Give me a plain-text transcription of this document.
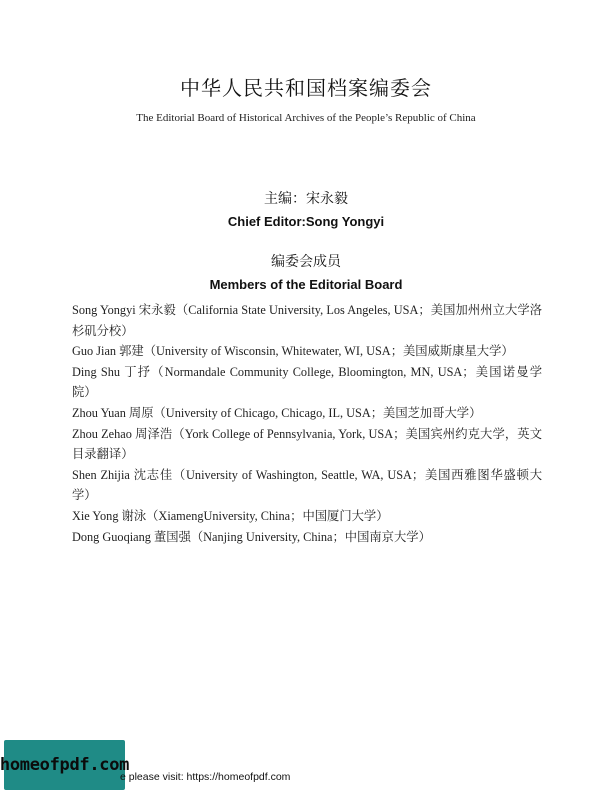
中华人民共和国档案编委会
The Editorial Board of Historical Archives of the People’s Republic of China
主编：宋永毅
Chief Editor:Song Yongyi
编委会成员
Members of the Editorial Board
Song Yongyi 宋永毅（California State University, Los Angeles, USA；美国加州州立大学洛杉矶分校）
Guo Jian 郭建（University of Wisconsin, Whitewater, WI, USA；美国威斯康星大学）
Ding Shu 丁抒（Normandale Community College, Bloomington, MN, USA；美国诺曼学院）
Zhou Yuan 周原（University of Chicago, Chicago, IL, USA；美国芝加哥大学）
Zhou Zehao 周泽浩（York College of Pennsylvania, York, USA；美国宾州约克大学，英文目录翻译）
Shen Zhijia 沈志佳（University of Washington, Seattle, WA, USA；美国西雅图华盛顿大学）
Xie Yong 谢泳（XiamengUniversity, China；中国厦门大学）
Dong Guoqiang 董国强（Nanjing University, China；中国南京大学）
homeofpdf.com
e please visit: https://homeofpdf.com
